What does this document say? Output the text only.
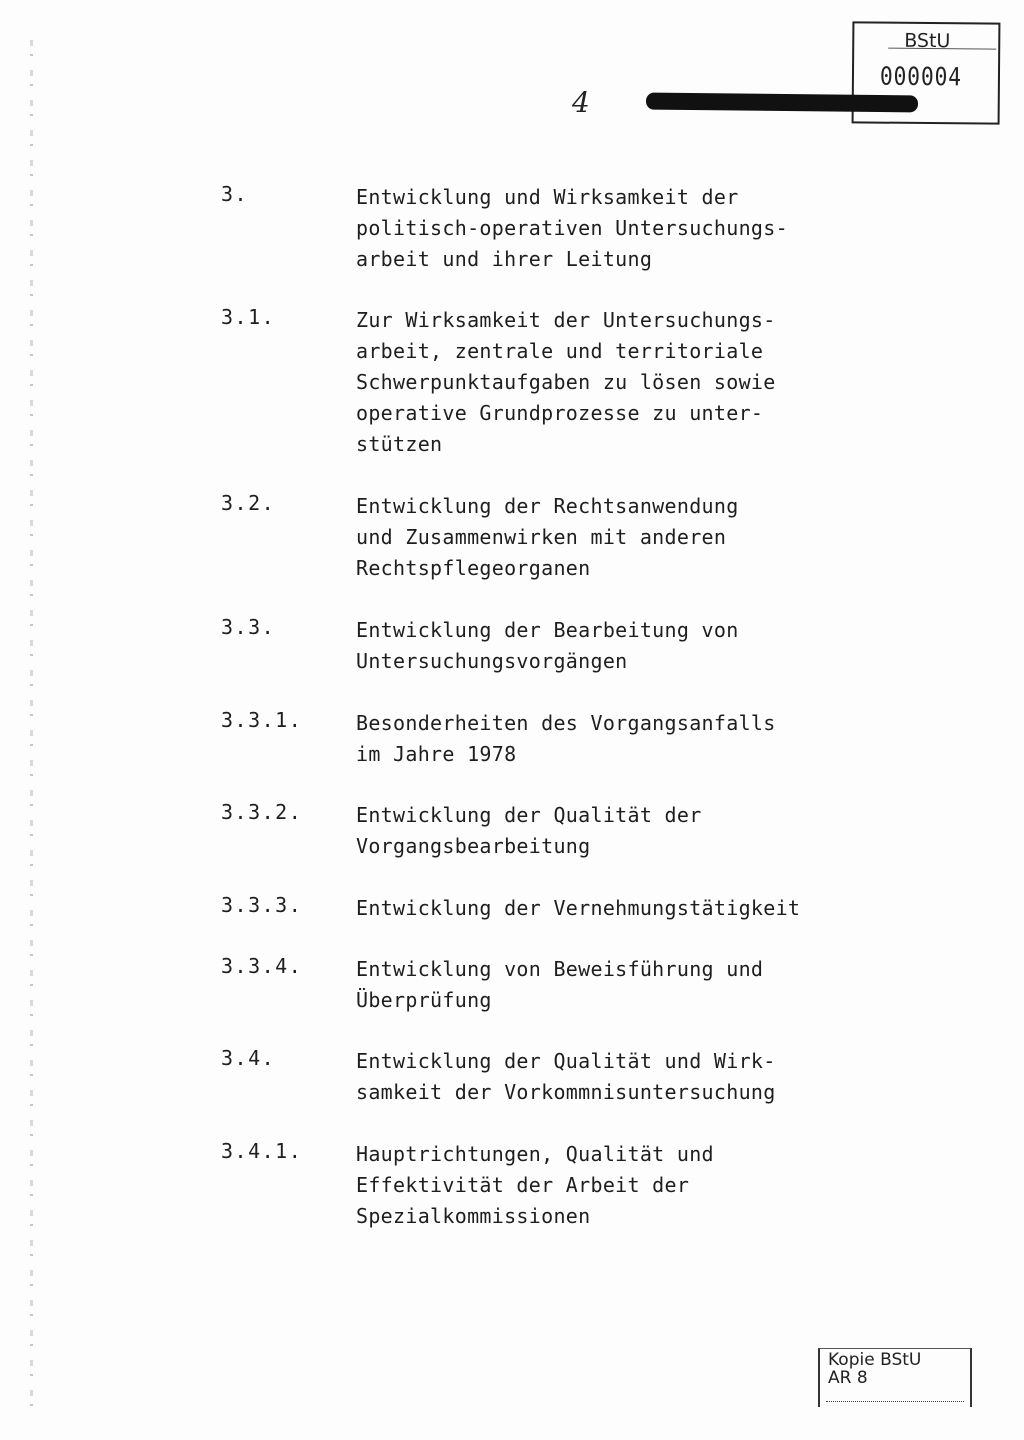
BStU
000004
4
3.	Entwicklung und Wirksamkeit der
politisch-operativen Untersuchungs-
arbeit und ihrer Leitung
3.1.	Zur Wirksamkeit der Untersuchungs-
arbeit, zentrale und territoriale
Schwerpunktaufgaben zu lösen sowie
operative Grundprozesse zu unter-
stützen
3.2.	Entwicklung der Rechtsanwendung
und Zusammenwirken mit anderen
Rechtspflegeorganen
3.3.	Entwicklung der Bearbeitung von
Untersuchungsvorgängen
3.3.1.	Besonderheiten des Vorgangsanfalls
im Jahre 1978
3.3.2.	Entwicklung der Qualität der
Vorgangsbearbeitung
3.3.3.	Entwicklung der Vernehmungstätigkeit
3.3.4.	Entwicklung von Beweisführung und
Überprüfung
3.4.	Entwicklung der Qualität und Wirk-
samkeit der Vorkommnisuntersuchung
3.4.1.	Hauptrichtungen, Qualität und
Effektivität der Arbeit der
Spezialkommissionen
Kopie BStU
AR 8
